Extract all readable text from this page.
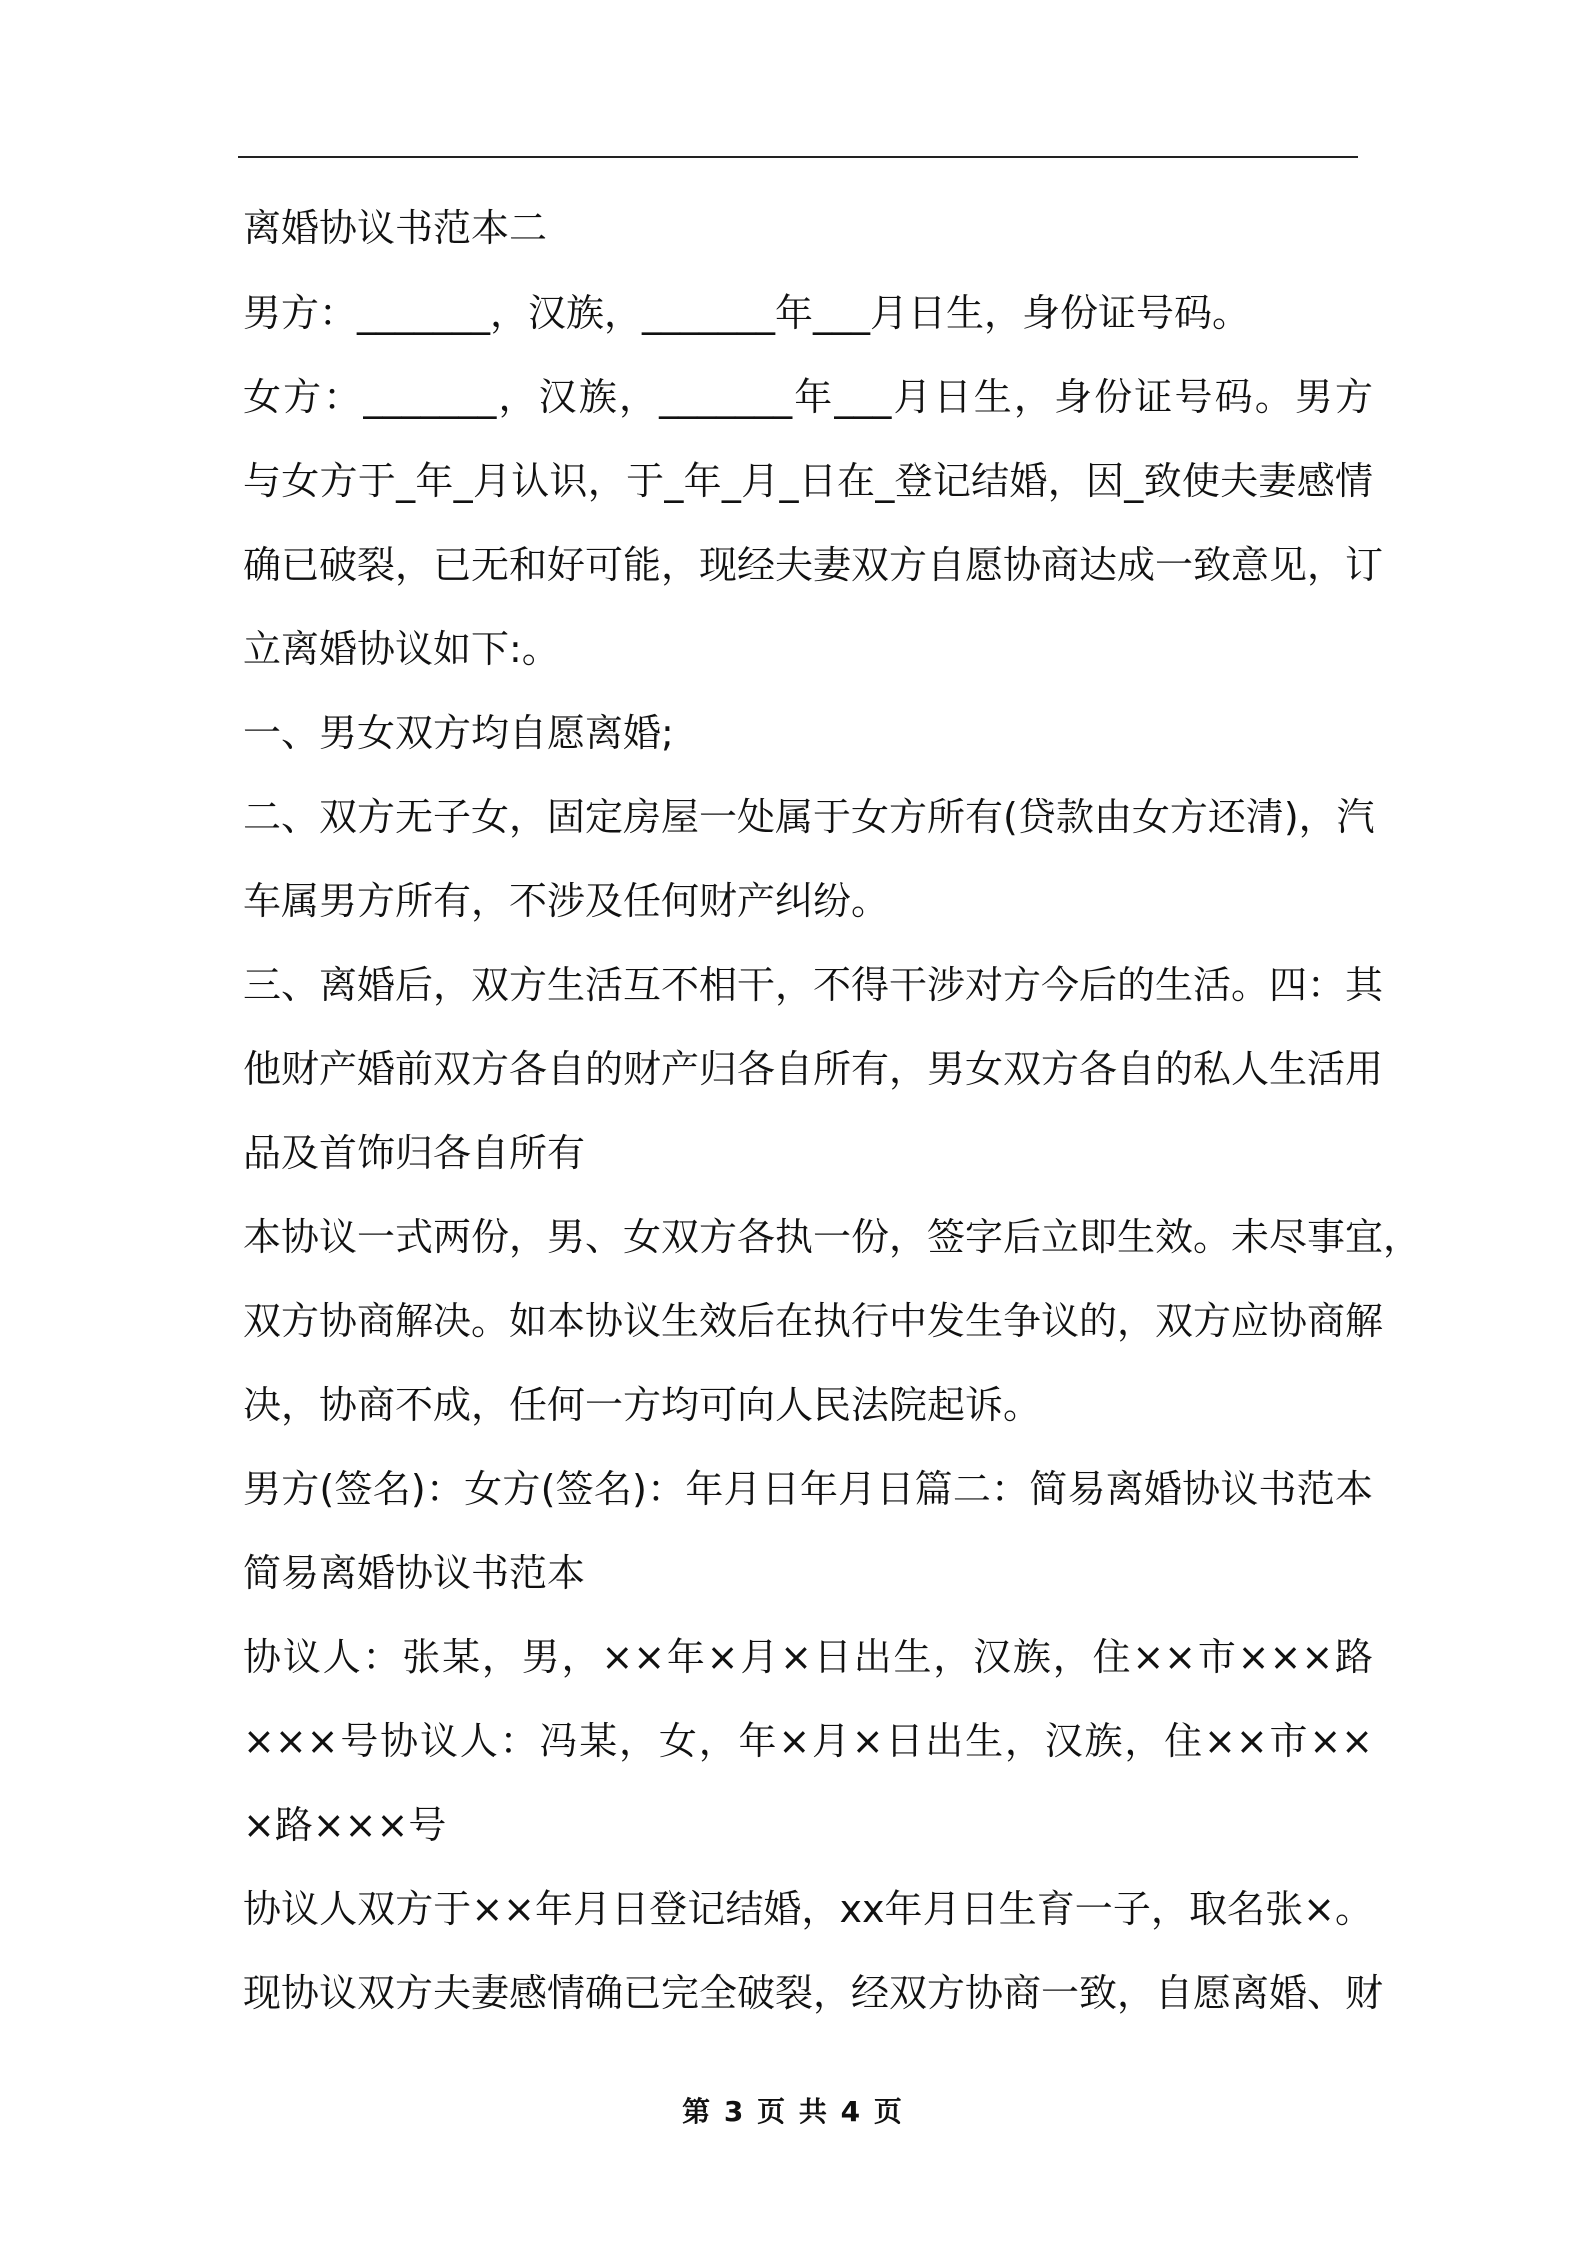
离婚协议书范本二
男方：_______，汉族，_______年___月日生，身份证号码。
女方：_______，汉族，_______年___月日生，身份证号码。男方
与女方于_年_月认识，于_年_月_日在_登记结婚，因_致使夫妻感情
确已破裂，已无和好可能，现经夫妻双方自愿协商达成一致意见，订
立离婚协议如下:。
一、男女双方均自愿离婚;
二、双方无子女，固定房屋一处属于女方所有(贷款由女方还清)，汽
车属男方所有，不涉及任何财产纠纷。
三、离婚后，双方生活互不相干，不得干涉对方今后的生活。四：其
他财产婚前双方各自的财产归各自所有，男女双方各自的私人生活用
品及首饰归各自所有
本协议一式两份，男、女双方各执一份，签字后立即生效。未尽事宜，
双方协商解决。如本协议生效后在执行中发生争议的，双方应协商解
决，协商不成，任何一方均可向人民法院起诉。
男方(签名)：女方(签名)：年月日年月日篇二：简易离婚协议书范本
简易离婚协议书范本
协议人：张某，男，××年×月×日出生，汉族，住××市×××路
×××号协议人：冯某，女，年×月×日出生，汉族，住××市××
×路×××号
协议人双方于××年月日登记结婚，xx年月日生育一子，取名张×。
现协议双方夫妻感情确已完全破裂，经双方协商一致，自愿离婚、财
第 3 页 共 4 页
